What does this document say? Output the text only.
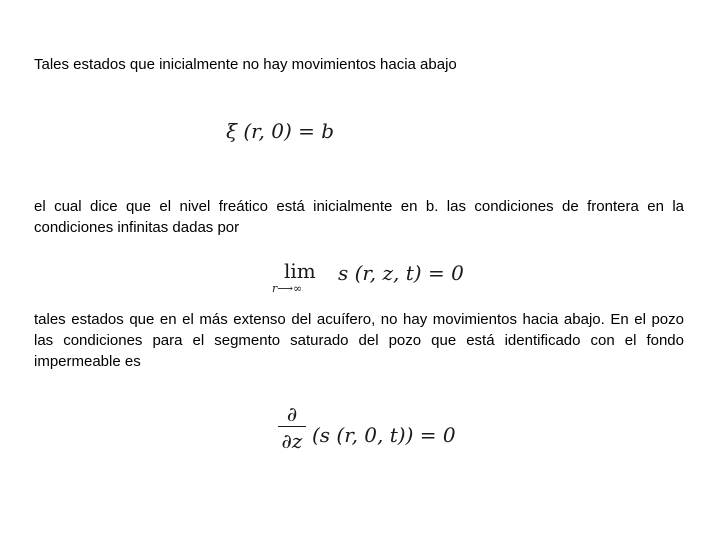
Tales estados que inicialmente no hay movimientos hacia abajo
ξ (r, 0) = b
el cual dice que el nivel freático está inicialmente en b. las condiciones de frontera en la condiciones infinitas dadas por
lim
r⟶∞
s (r, z, t) = 0
tales estados que en el más extenso del acuífero, no hay movimientos hacia abajo. En el pozo las condiciones para el segmento saturado del pozo que está identificado con el fondo impermeable es
∂
∂z (s (r, 0, t)) = 0
